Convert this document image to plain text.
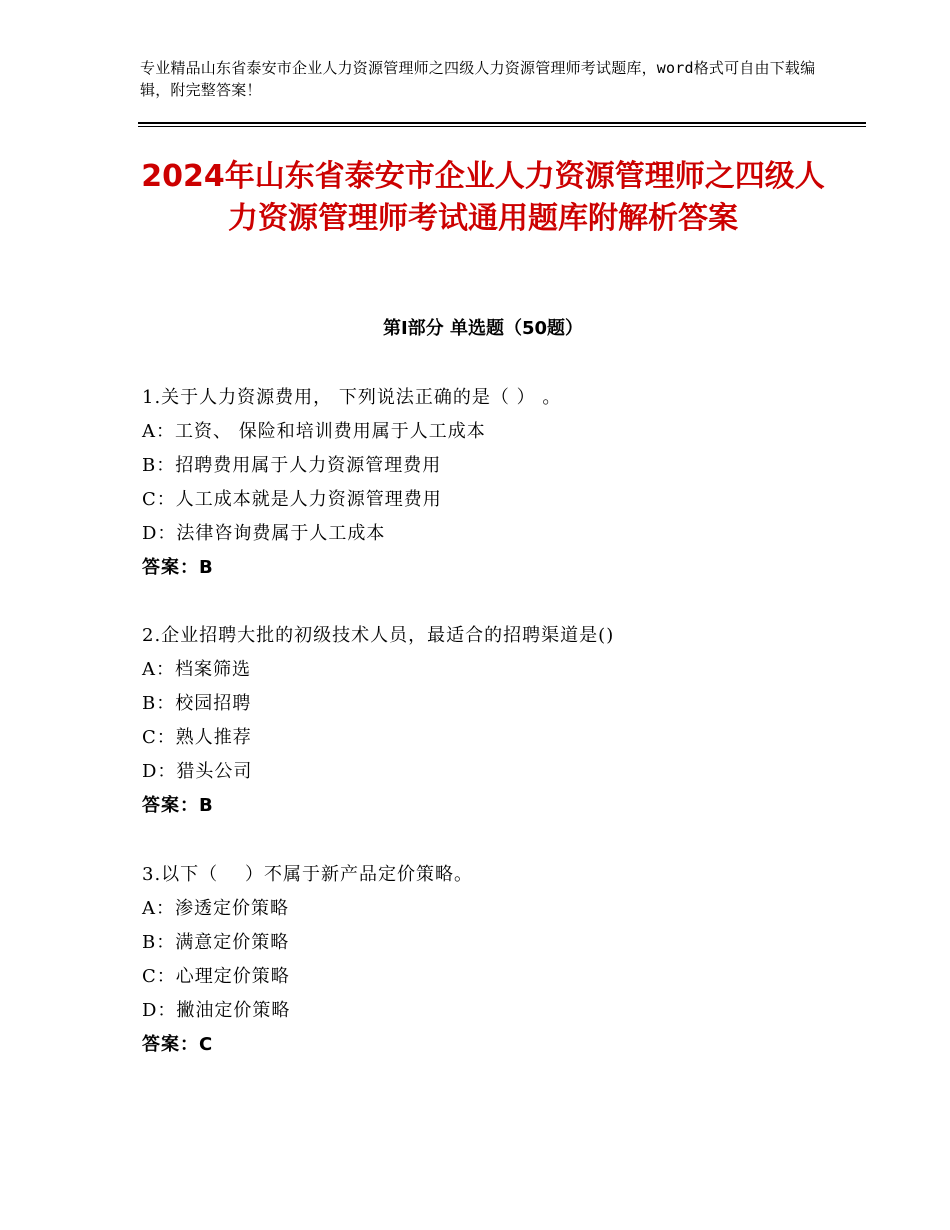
专业精品山东省泰安市企业人力资源管理师之四级人力资源管理师考试题库，word格式可自由下载编辑，附完整答案！
2024年山东省泰安市企业人力资源管理师之四级人力资源管理师考试通用题库附解析答案
第Ⅰ部分 单选题（50题）
1.关于人力资源费用， 下列说法正确的是（ ） 。
A：工资、 保险和培训费用属于人工成本
B：招聘费用属于人力资源管理费用
C：人工成本就是人力资源管理费用
D：法律咨询费属于人工成本
答案：B
2.企业招聘大批的初级技术人员，最适合的招聘渠道是()
A：档案筛选
B：校园招聘
C：熟人推荐
D：猎头公司
答案：B
3.以下（    ）不属于新产品定价策略。
A：渗透定价策略
B：满意定价策略
C：心理定价策略
D：撇油定价策略
答案：C
